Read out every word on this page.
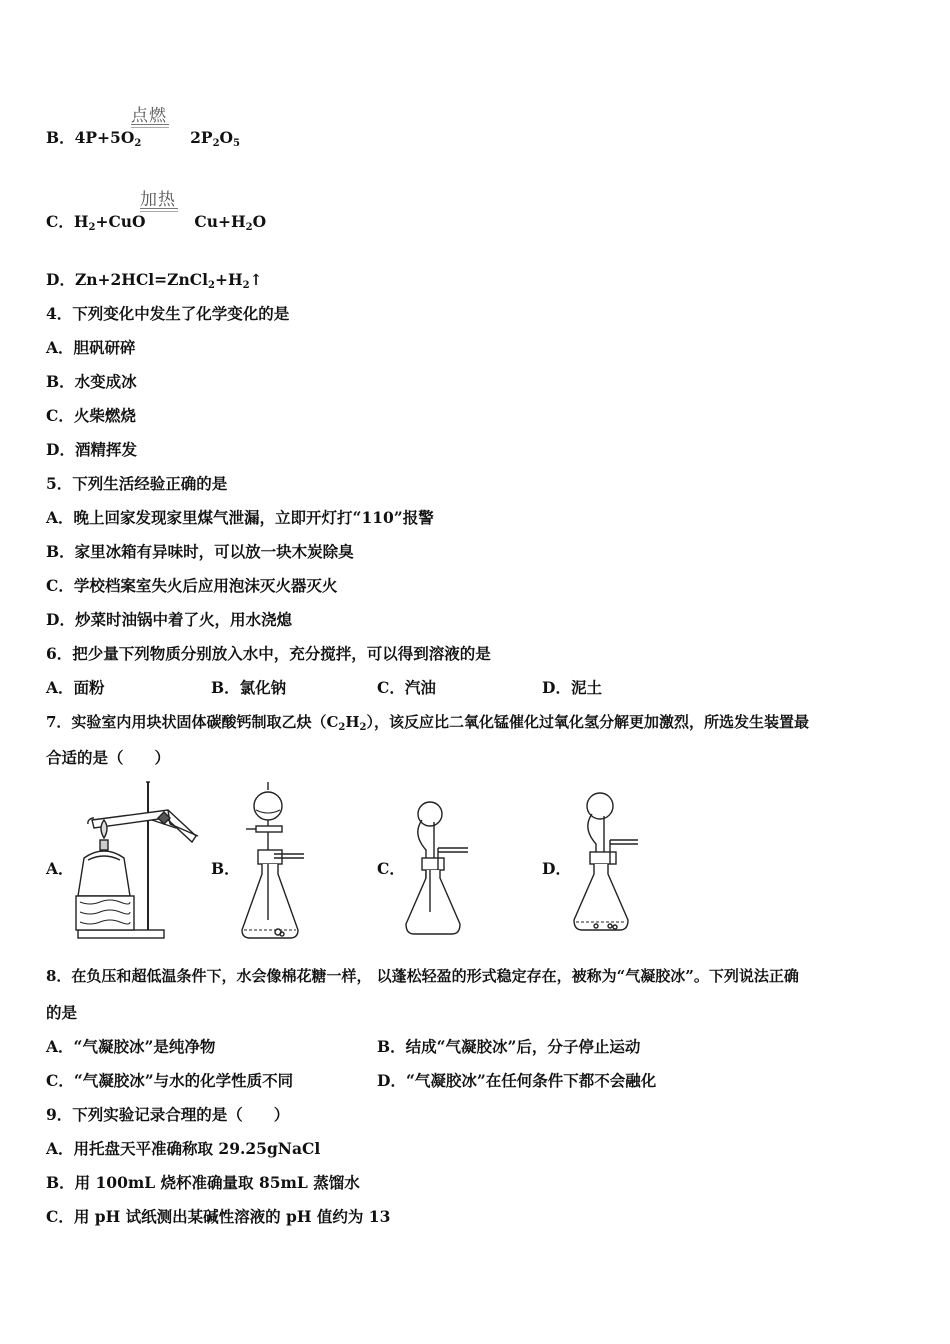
点燃
B．$4P+5O_2$	$2P_2O_5$
加热
C．$H_2+CuO$	$Cu+H_2O$
D．$Zn+2HCl=ZnCl_2+H_2↑$
4．下列变化中发生了化学变化的是
A．胆矾研碎
B．水变成冰
C．火柴燃烧
D．酒精挥发
5．下列生活经验正确的是
A．晚上回家发现家里煤气泄漏，立即开灯打“110”报警
B．家里冰箱有异味时，可以放一块木炭除臭
C．学校档案室失火后应用泡沫灭火器灭火
D．炒菜时油锅中着了火，用水浇熄
6．把少量下列物质分别放入水中，充分搅拌，可以得到溶液的是
A．面粉	B．氯化钠	C．汽油	D．泥土
7．实验室内用块状固体碳酸钙制取乙炔$(C_2H_2)$，该反应比二氧化锰催化过氧化氢分解更加激烈，所选发生装置最
合适的是（　　）
A．	B．	C．	D．
8．在负压和超低温条件下，水会像棉花糖一样， 以蓬松轻盈的形式稳定存在，被称为“气凝胶冰”。下列说法正确
的是
A．“气凝胶冰”是纯净物	B．结成“气凝胶冰”后，分子停止运动
C．“气凝胶冰”与水的化学性质不同	D．“气凝胶冰”在任何条件下都不会融化
9．下列实验记录合理的是（　　）
A．用托盘天平准确称取 29.25gNaCl
B．用 100mL 烧杯准确量取 85mL 蒸馏水
C．用 pH 试纸测出某碱性溶液的 pH 值约为 13
